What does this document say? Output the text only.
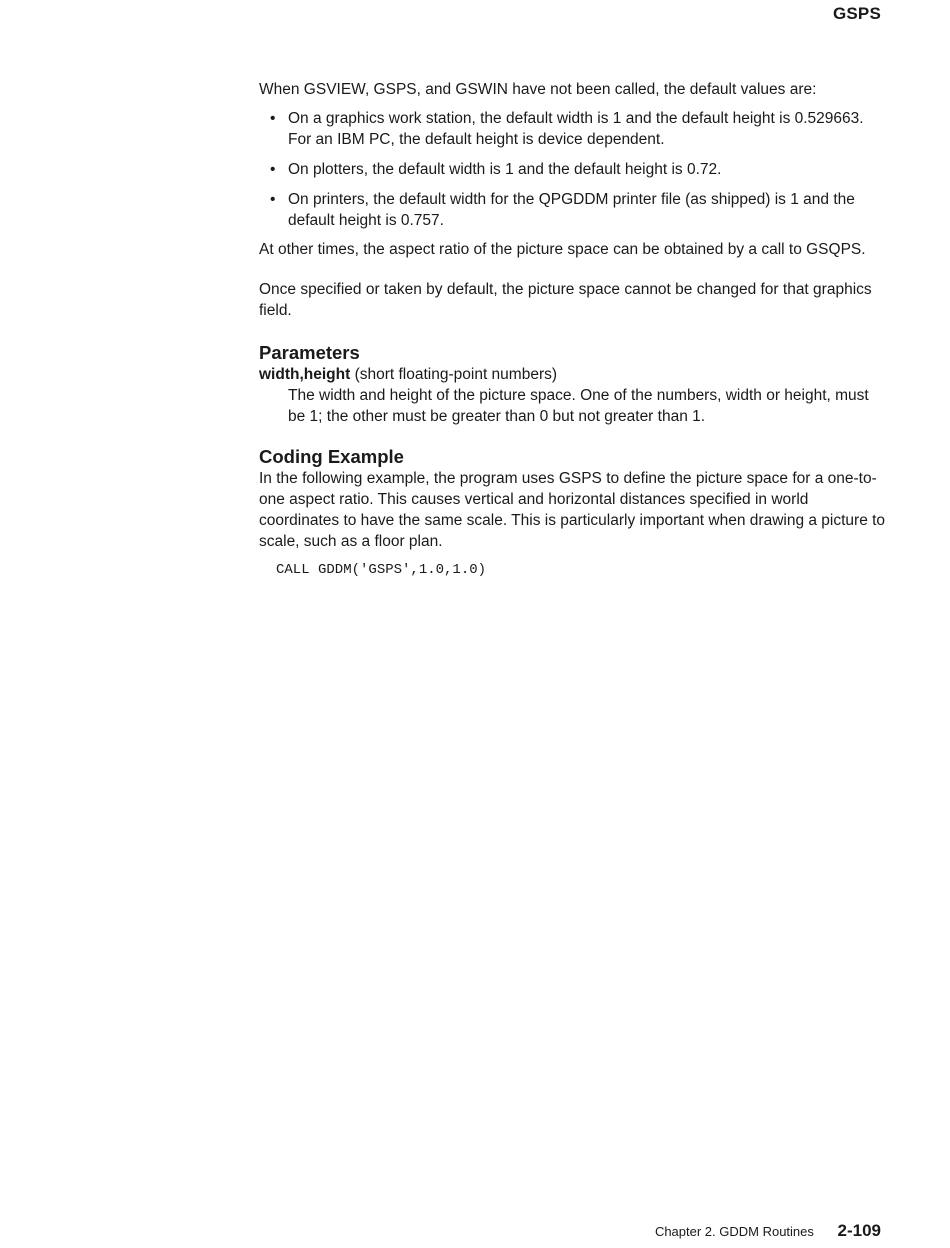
GSPS

When GSVIEW, GSPS, and GSWIN have not been called, the default values are:

• On a graphics work station, the default width is 1 and the default height is 0.529663. For an IBM PC, the default height is device dependent.
• On plotters, the default width is 1 and the default height is 0.72.
• On printers, the default width for the QPGDDM printer file (as shipped) is 1 and the default height is 0.757.

At other times, the aspect ratio of the picture space can be obtained by a call to GSQPS.

Once specified or taken by default, the picture space cannot be changed for that graphics field.

Parameters
width,height (short floating-point numbers)

The width and height of the picture space. One of the numbers, width or height, must be 1; the other must be greater than 0 but not greater than 1.

Coding Example

In the following example, the program uses GSPS to define the picture space for a one-to-one aspect ratio. This causes vertical and horizontal distances specified in world coordinates to have the same scale. This is particularly important when drawing a picture to scale, such as a floor plan.

CALL GDDM('GSPS',1.0,1.0)
Chapter 2. GDDM Routines 2-109
